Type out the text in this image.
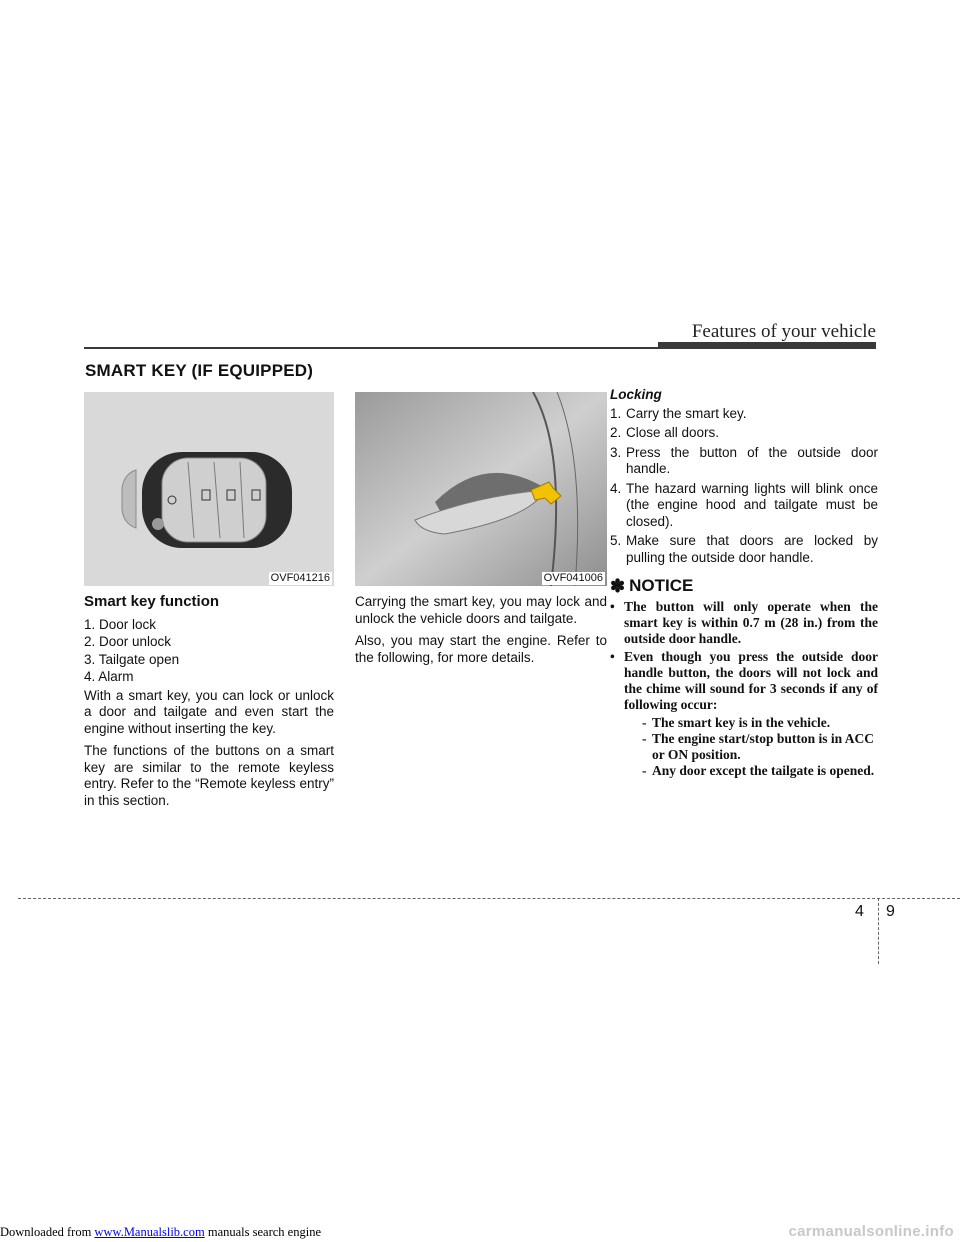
Features of your vehicle
SMART KEY (IF EQUIPPED)
OVF041216
Smart key function
1. Door lock
2. Door unlock
3. Tailgate open
4. Alarm

With a smart key, you can lock or unlock a door and tailgate and even start the engine without inserting the key.

The functions of the buttons on a smart key are similar to the remote keyless entry. Refer to the “Remote keyless entry” in this section.

OVF041006

Carrying the smart key, you may lock and unlock the vehicle doors and tailgate.

Also, you may start the engine. Refer to the following, for more details.

Locking
1. Carry the smart key.
2. Close all doors.
3. Press the button of the outside door handle.
4. The hazard warning lights will blink once (the engine hood and tailgate must be closed).
5. Make sure that doors are locked by pulling the outside door handle.
✽ NOTICE
• The button will only operate when the smart key is within 0.7 m (28 in.) from the outside door handle.
• Even though you press the outside door handle button, the doors will not lock and the chime will sound for 3 seconds if any of following occur:
- The smart key is in the vehicle.
- The engine start/stop button is in ACC or ON position.
- Any door except the tailgate is opened.
4 9
Downloaded from www.Manualslib.com manuals search engine	carmanualsonline.info
